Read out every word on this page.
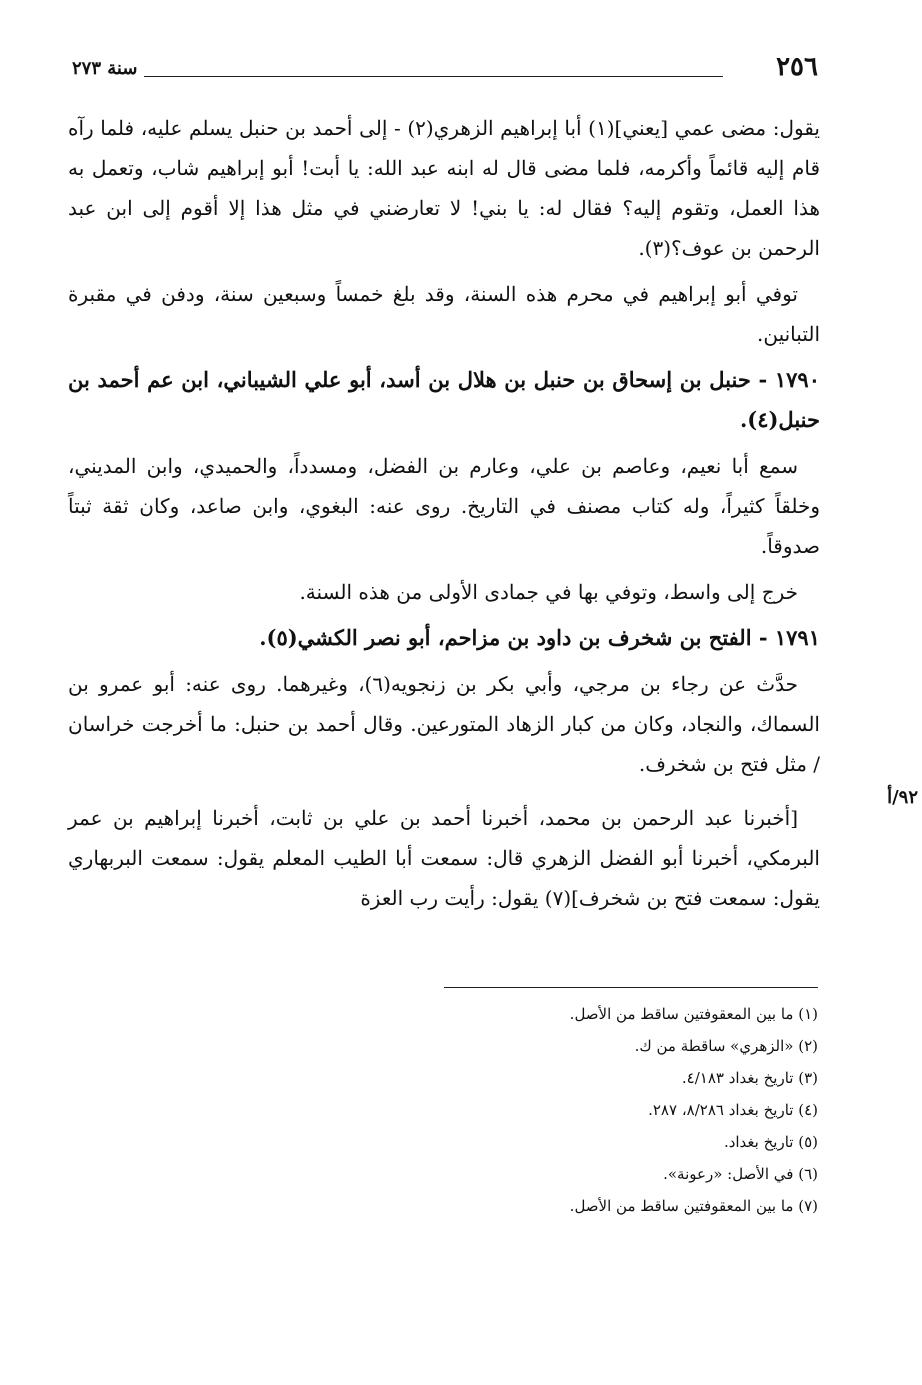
٢٥٦
سنة ٢٧٣

يقول: مضى عمي [يعني](١) أبا إبراهيم الزهري(٢) - إلى أحمد بن حنبل يسلم عليه، فلما رآه قام إليه قائماً وأكرمه، فلما مضى قال له ابنه عبد الله: يا أبت! أبو إبراهيم شاب، وتعمل به هذا العمل، وتقوم إليه؟ فقال له: يا بني! لا تعارضني في مثل هذا إلا أقوم إلى ابن عبد الرحمن بن عوف؟(٣).

توفي أبو إبراهيم في محرم هذه السنة، وقد بلغ خمساً وسبعين سنة، ودفن في مقبرة التبانين.

١٧٩٠ - حنبل بن إسحاق بن حنبل بن هلال بن أسد، أبو علي الشيباني، ابن عم أحمد بن حنبل(٤).

سمع أبا نعيم، وعاصم بن علي، وعارم بن الفضل، ومسدداً، والحميدي، وابن المديني، وخلقاً كثيراً، وله كتاب مصنف في التاريخ. روى عنه: البغوي، وابن صاعد، وكان ثقة ثبتاً صدوقاً.

خرج إلى واسط، وتوفي بها في جمادى الأولى من هذه السنة.

١٧٩١ - الفتح بن شخرف بن داود بن مزاحم، أبو نصر الكشي(٥).

حدَّث عن رجاء بن مرجي، وأبي بكر بن زنجويه(٦)، وغيرهما. روى عنه: أبو عمرو بن السماك، والنجاد، وكان من كبار الزهاد المتورعين. وقال أحمد بن حنبل: ما أخرجت خراسان / مثل فتح بن شخرف.

[أخبرنا عبد الرحمن بن محمد، أخبرنا أحمد بن علي بن ثابت، أخبرنا إبراهيم بن عمر البرمكي، أخبرنا أبو الفضل الزهري قال: سمعت أبا الطيب المعلم يقول: سمعت البربهاري يقول: سمعت فتح بن شخرف](٧) يقول: رأيت رب العزة

٩٢/أ
(١) ما بين المعقوفتين ساقط من الأصل.
(٢) «الزهري» ساقطة من ك.
(٣) تاريخ بغداد ٤/١٨٣.
(٤) تاريخ بغداد ٨/٢٨٦، ٢٨٧.
(٥) تاريخ بغداد.
(٦) في الأصل: «رعونة».
(٧) ما بين المعقوفتين ساقط من الأصل.
